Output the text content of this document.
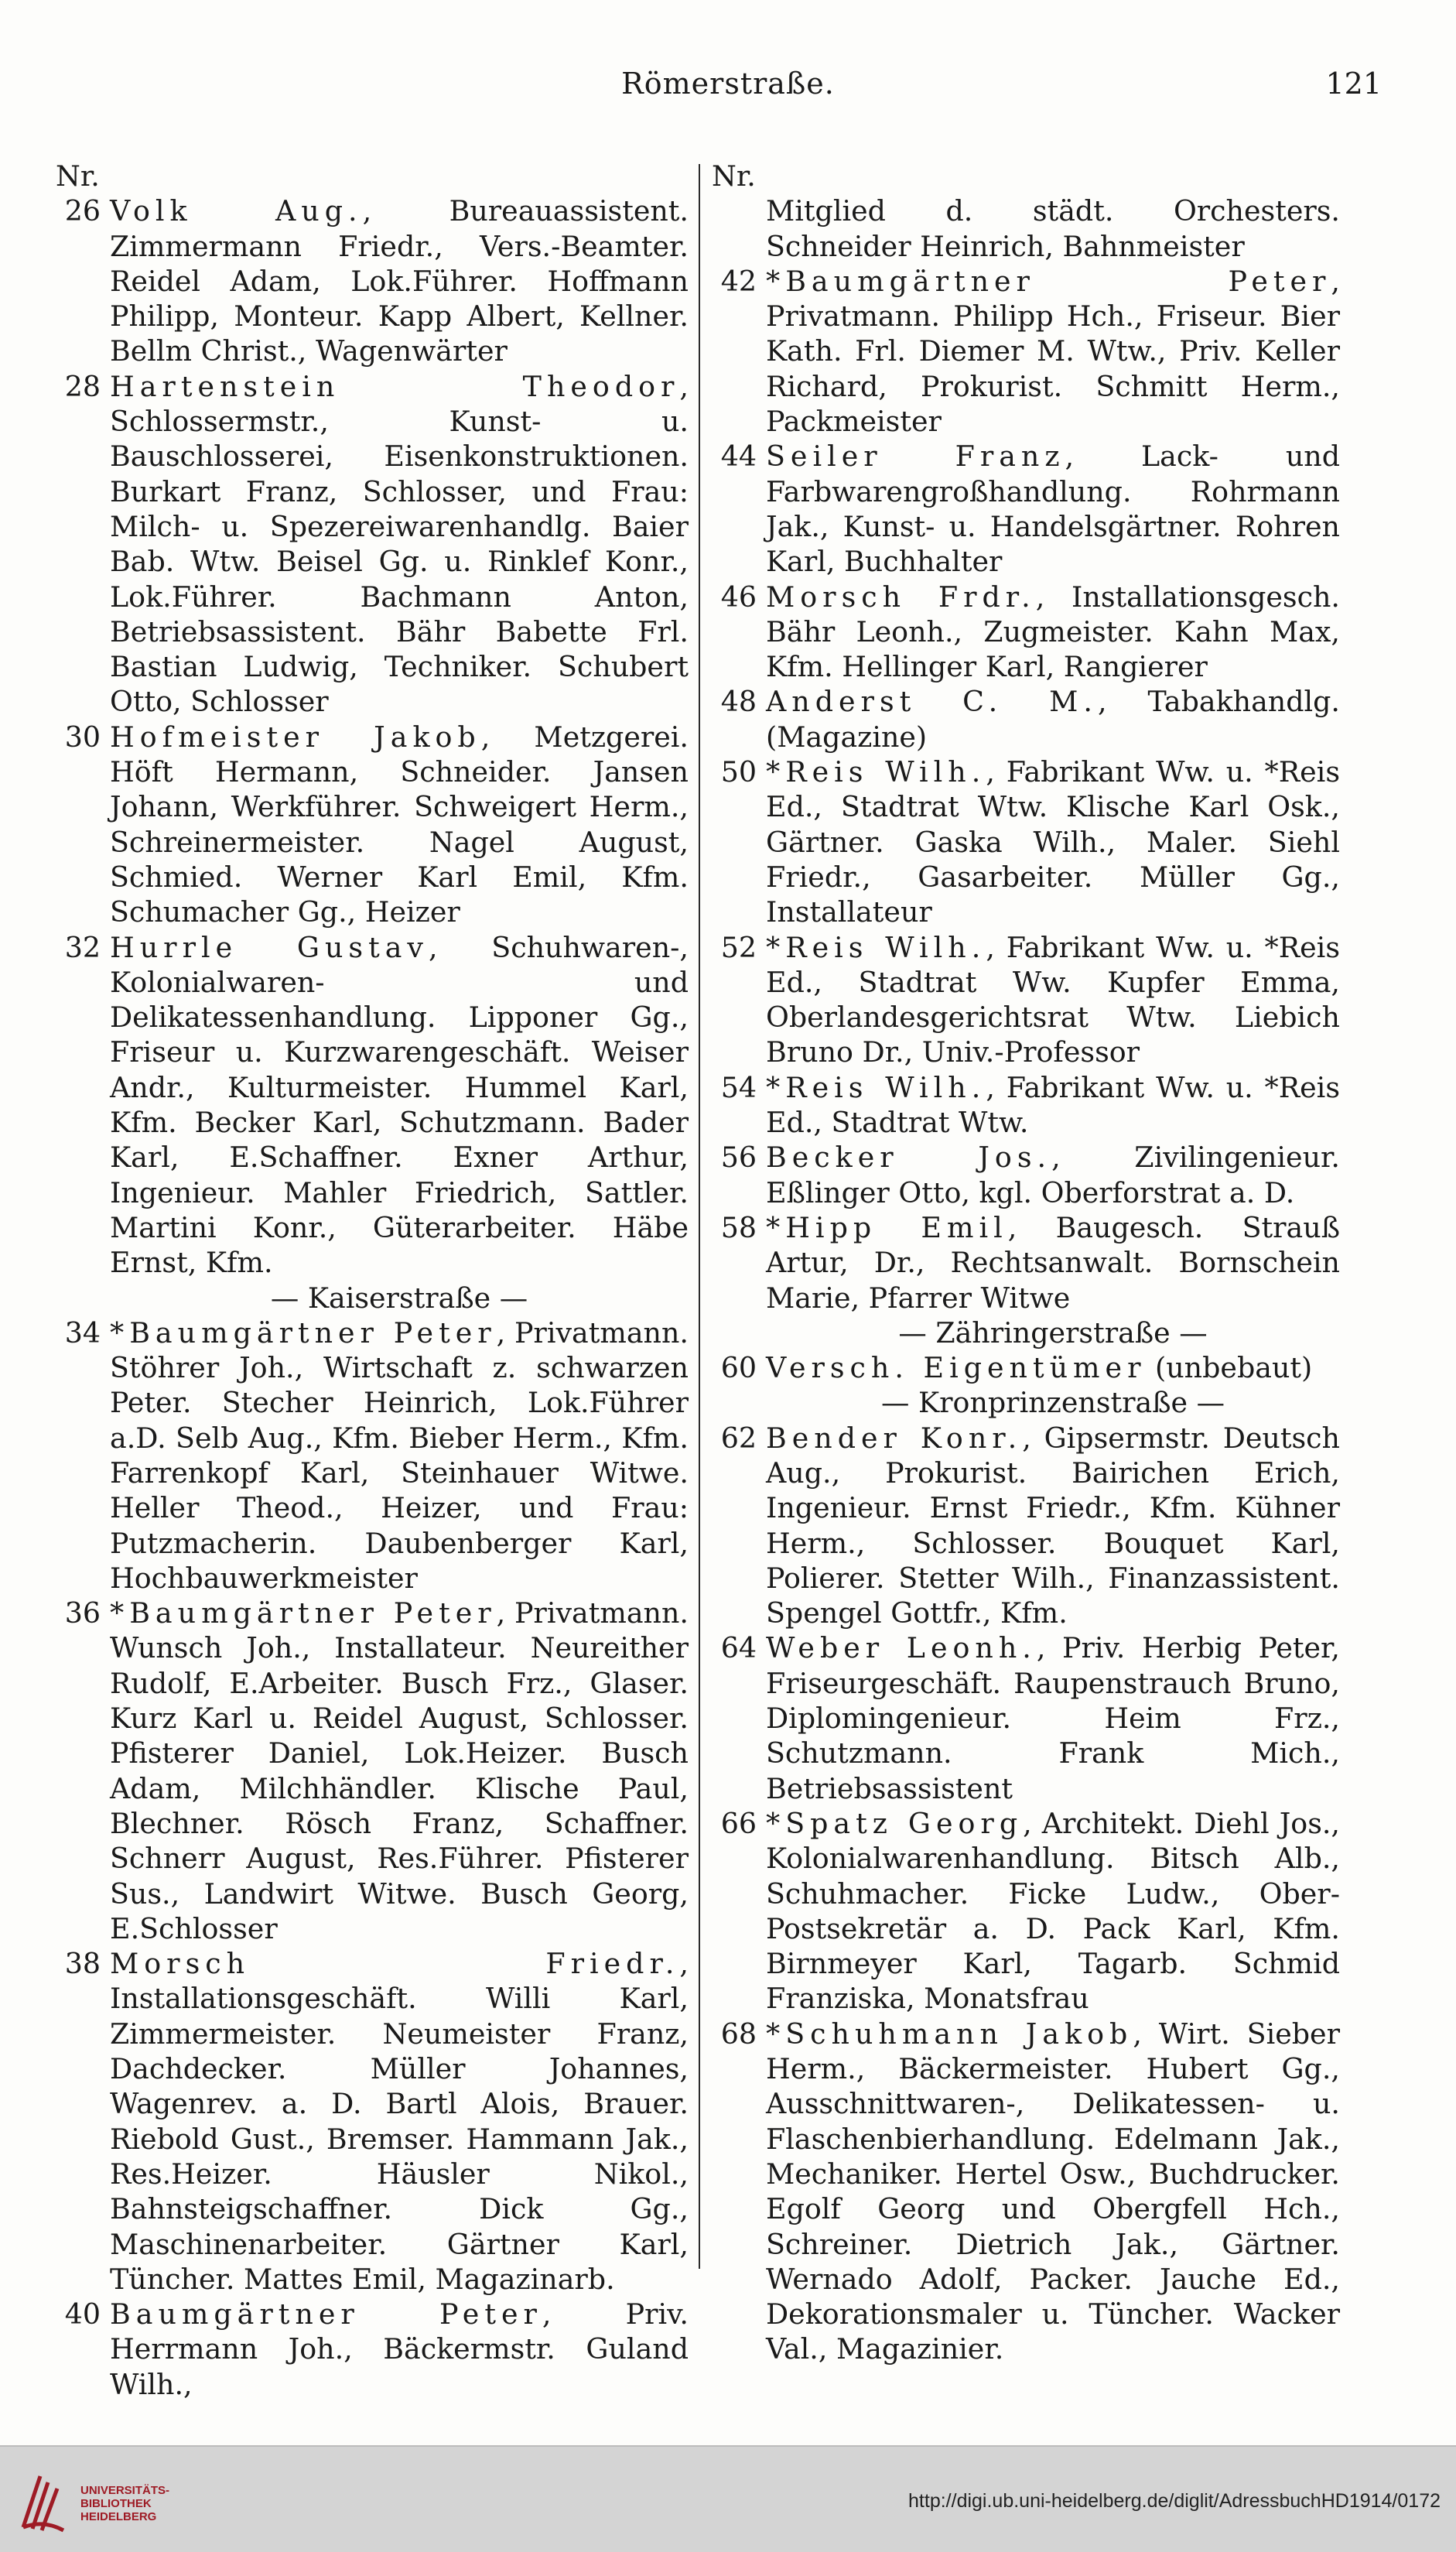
Römerstraße.	121
Nr.
26 Volk Aug., Bureauassistent. Zimmermann Friedr., Vers.-Beamter. Reidel Adam, Lok.Führer. Hoffmann Philipp, Monteur. Kapp Albert, Kellner. Bellm Christ., Wagenwärter
28 Hartenstein Theodor, Schlossermstr., Kunst- u. Bauschlosserei, Eisenkonstruktionen. Burkart Franz, Schlosser, und Frau: Milch- u. Spezereiwarenhandlg. Baier Bab. Wtw. Beisel Gg. u. Rinklef Konr., Lok.Führer. Bachmann Anton, Betriebsassistent. Bähr Babette Frl. Bastian Ludwig, Techniker. Schubert Otto, Schlosser
30 Hofmeister Jakob, Metzgerei. Höft Hermann, Schneider. Jansen Johann, Werkführer. Schweigert Herm., Schreinermeister. Nagel August, Schmied. Werner Karl Emil, Kfm. Schumacher Gg., Heizer
32 Hurrle Gustav, Schuhwaren-, Kolonialwaren- und Delikatessenhandlung. Lipponer Gg., Friseur u. Kurzwarengeschäft. Weiser Andr., Kulturmeister. Hummel Karl, Kfm. Becker Karl, Schutzmann. Bader Karl, E.Schaffner. Exner Arthur, Ingenieur. Mahler Friedrich, Sattler. Martini Konr., Güterarbeiter. Häbe Ernst, Kfm.
— Kaiserstraße —
34 *Baumgärtner Peter, Privatmann. Stöhrer Joh., Wirtschaft z. schwarzen Peter. Stecher Heinrich, Lok.Führer a.D. Selb Aug., Kfm. Bieber Herm., Kfm. Farrenkopf Karl, Steinhauer Witwe. Heller Theod., Heizer, und Frau: Putzmacherin. Daubenberger Karl, Hochbauwerkmeister
36 *Baumgärtner Peter, Privatmann. Wunsch Joh., Installateur. Neureither Rudolf, E.Arbeiter. Busch Frz., Glaser. Kurz Karl u. Reidel August, Schlosser. Pfisterer Daniel, Lok.Heizer. Busch Adam, Milchhändler. Klische Paul, Blechner. Rösch Franz, Schaffner. Schnerr August, Res.Führer. Pfisterer Sus., Landwirt Witwe. Busch Georg, E.Schlosser
38 Morsch Friedr., Installationsgeschäft. Willi Karl, Zimmermeister. Neumeister Franz, Dachdecker. Müller Johannes, Wagenrev. a. D. Bartl Alois, Brauer. Riebold Gust., Bremser. Hammann Jak., Res.Heizer. Häusler Nikol., Bahnsteigschaffner. Dick Gg., Maschinenarbeiter. Gärtner Karl, Tüncher. Mattes Emil, Magazinarb.
40 Baumgärtner Peter, Priv. Herrmann Joh., Bäckermstr. Guland Wilh.,
Nr.
Mitglied d. städt. Orchesters. Schneider Heinrich, Bahnmeister
42 *Baumgärtner Peter, Privatmann. Philipp Hch., Friseur. Bier Kath. Frl. Diemer M. Wtw., Priv. Keller Richard, Prokurist. Schmitt Herm., Packmeister
44 Seiler Franz, Lack- und Farbwarengroßhandlung. Rohrmann Jak., Kunst- u. Handelsgärtner. Rohren Karl, Buchhalter
46 Morsch Frdr., Installationsgesch. Bähr Leonh., Zugmeister. Kahn Max, Kfm. Hellinger Karl, Rangierer
48 Anderst C. M., Tabakhandlg. (Magazine)
50 *Reis Wilh., Fabrikant Ww. u. *Reis Ed., Stadtrat Wtw. Klische Karl Osk., Gärtner. Gaska Wilh., Maler. Siehl Friedr., Gasarbeiter. Müller Gg., Installateur
52 *Reis Wilh., Fabrikant Ww. u. *Reis Ed., Stadtrat Ww. Kupfer Emma, Oberlandesgerichtsrat Wtw. Liebich Bruno Dr., Univ.-Professor
54 *Reis Wilh., Fabrikant Ww. u. *Reis Ed., Stadtrat Wtw.
56 Becker Jos., Zivilingenieur. Eßlinger Otto, kgl. Oberforstrat a. D.
58 *Hipp Emil, Baugesch. Strauß Artur, Dr., Rechtsanwalt. Bornschein Marie, Pfarrer Witwe
— Zähringerstraße —
60 Versch. Eigentümer (unbebaut)
— Kronprinzenstraße —
62 Bender Konr., Gipsermstr. Deutsch Aug., Prokurist. Bairichen Erich, Ingenieur. Ernst Friedr., Kfm. Kühner Herm., Schlosser. Bouquet Karl, Polierer. Stetter Wilh., Finanzassistent. Spengel Gottfr., Kfm.
64 Weber Leonh., Priv. Herbig Peter, Friseurgeschäft. Raupenstrauch Bruno, Diplomingenieur. Heim Frz., Schutzmann. Frank Mich., Betriebsassistent
66 *Spatz Georg, Architekt. Diehl Jos., Kolonialwarenhandlung. Bitsch Alb., Schuhmacher. Ficke Ludw., Ober-Postsekretär a. D. Pack Karl, Kfm. Birnmeyer Karl, Tagarb. Schmid Franziska, Monatsfrau
68 *Schuhmann Jakob, Wirt. Sieber Herm., Bäckermeister. Hubert Gg., Ausschnittwaren-, Delikatessen- u. Flaschenbierhandlung. Edelmann Jak., Mechaniker. Hertel Osw., Buchdrucker. Egolf Georg und Obergfell Hch., Schreiner. Dietrich Jak., Gärtner. Wernado Adolf, Packer. Jauche Ed., Dekorationsmaler u. Tüncher. Wacker Val., Magazinier.
UNIVERSITÄTS-
BIBLIOTHEK
HEIDELBERG
http://digi.ub.uni-heidelberg.de/diglit/AdressbuchHD1914/0172
